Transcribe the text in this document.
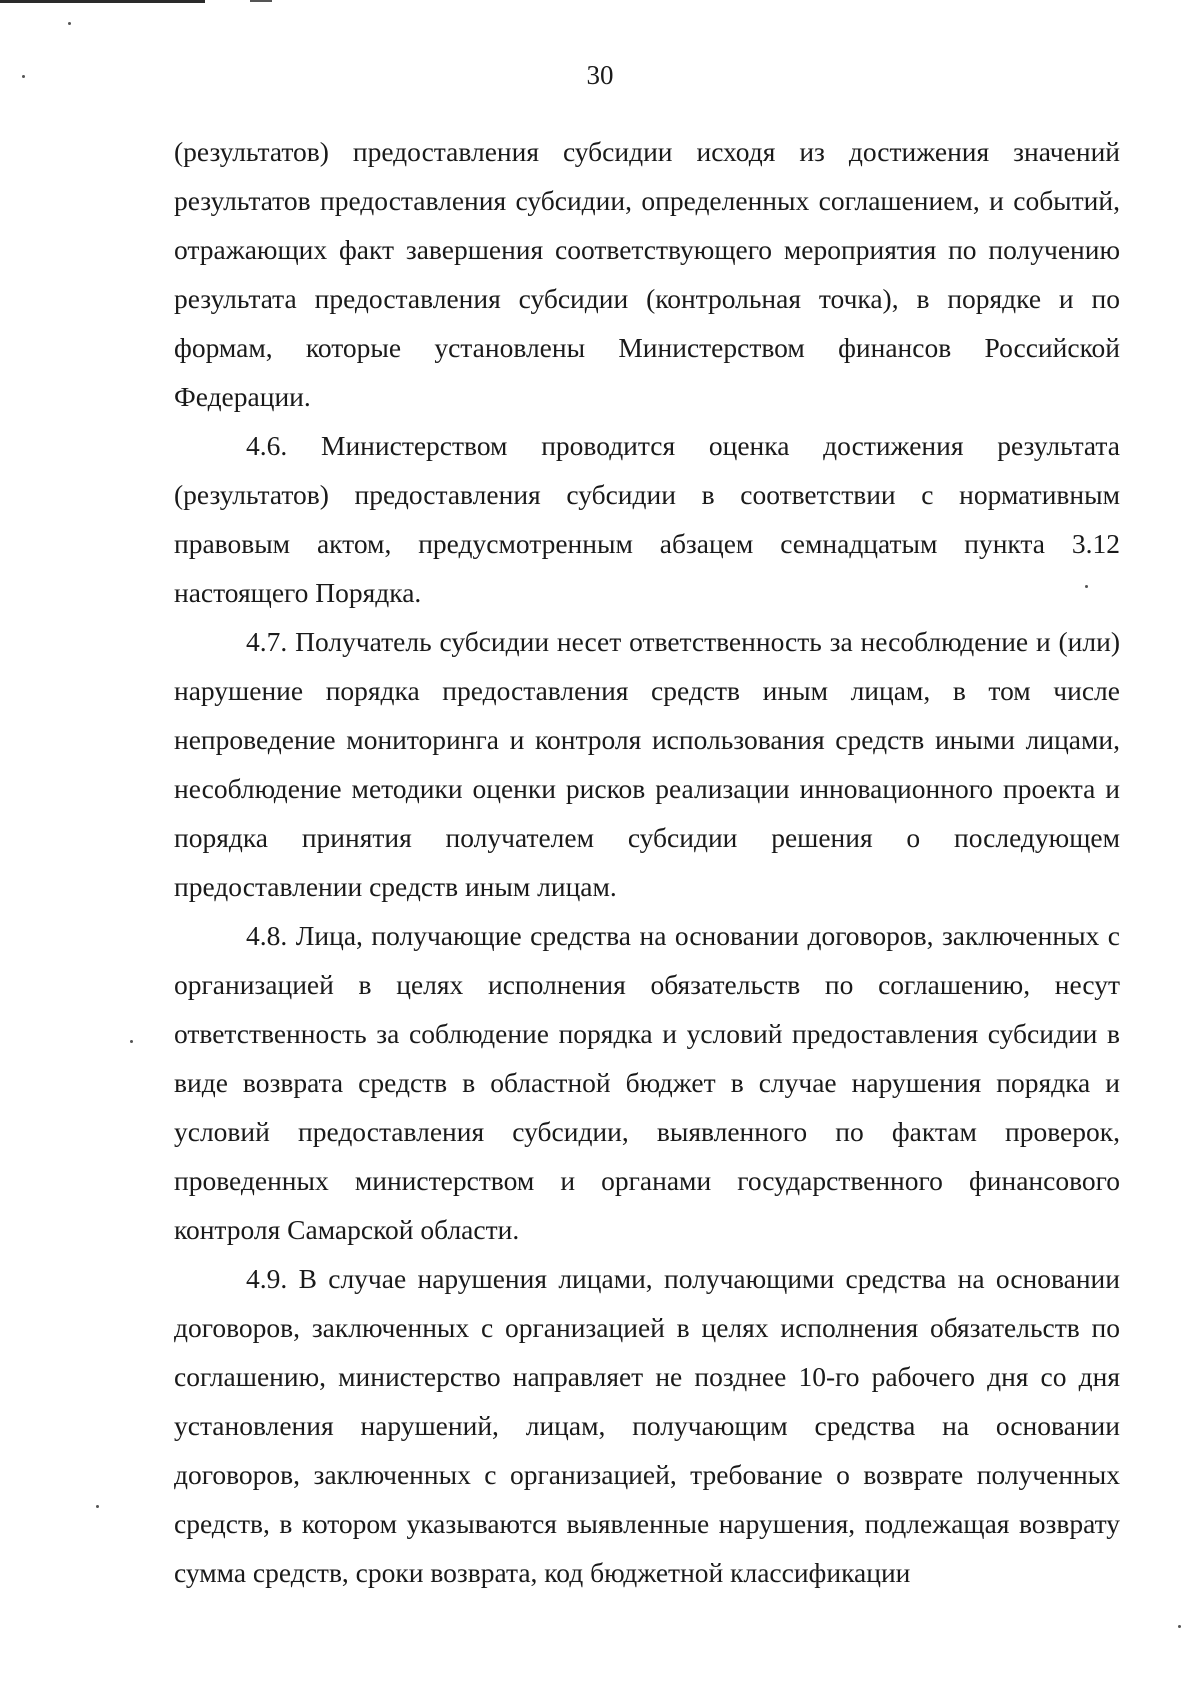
30

(результатов) предоставления субсидии исходя из достижения значений результатов предоставления субсидии, определенных соглашением, и событий, отражающих факт завершения соответствующего мероприятия по получению результата предоставления субсидии (контрольная точка), в порядке и по формам, которые установлены Министерством финансов Российской Федерации.

4.6. Министерством проводится оценка достижения результата (результатов) предоставления субсидии в соответствии с нормативным правовым актом, предусмотренным абзацем семнадцатым пункта 3.12 настоящего Порядка.

4.7. Получатель субсидии несет ответственность за несоблюдение и (или) нарушение порядка предоставления средств иным лицам, в том числе непроведение мониторинга и контроля использования средств иными лицами, несоблюдение методики оценки рисков реализации инновационного проекта и порядка принятия получателем субсидии решения о последующем предоставлении средств иным лицам.

4.8. Лица, получающие средства на основании договоров, заключенных с организацией в целях исполнения обязательств по соглашению, несут ответственность за соблюдение порядка и условий предоставления субсидии в виде возврата средств в областной бюджет в случае нарушения порядка и условий предоставления субсидии, выявленного по фактам проверок, проведенных министерством и органами государственного финансового контроля Самарской области.

4.9. В случае нарушения лицами, получающими средства на основании договоров, заключенных с организацией в целях исполнения обязательств по соглашению, министерство направляет не позднее 10-го рабочего дня со дня установления нарушений, лицам, получающим средства на основании договоров, заключенных с организацией, требование о возврате полученных средств, в котором указываются выявленные нарушения, подлежащая возврату сумма средств, сроки возврата, код бюджетной классификации
